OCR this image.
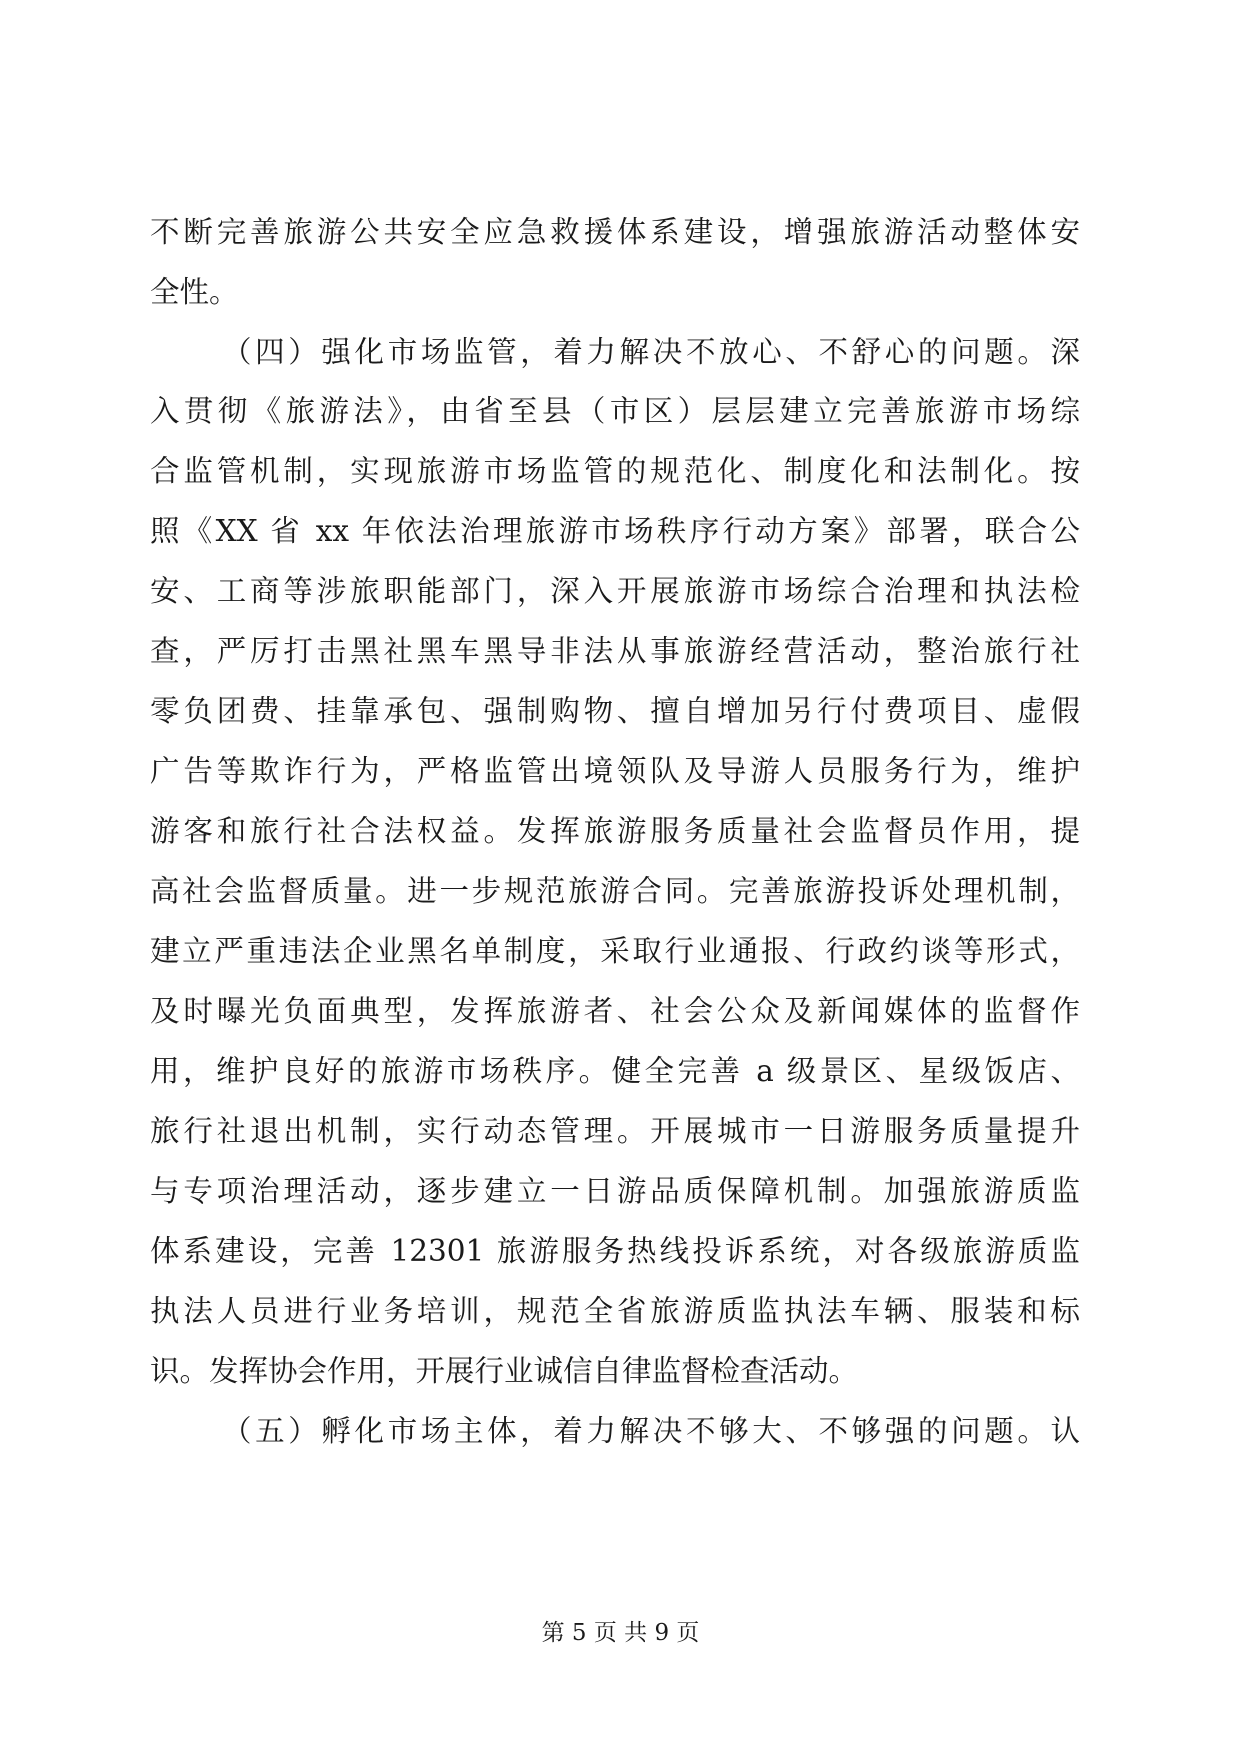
不断完善旅游公共安全应急救援体系建设，增强旅游活动整体安
全性。
（四）强化市场监管，着力解决不放心、不舒心的问题。深
入贯彻《旅游法》，由省至县（市区）层层建立完善旅游市场综
合监管机制，实现旅游市场监管的规范化、制度化和法制化。按
照《XX 省 xx 年依法治理旅游市场秩序行动方案》部署，联合公
安、工商等涉旅职能部门，深入开展旅游市场综合治理和执法检
查，严厉打击黑社黑车黑导非法从事旅游经营活动，整治旅行社
零负团费、挂靠承包、强制购物、擅自增加另行付费项目、虚假
广告等欺诈行为，严格监管出境领队及导游人员服务行为，维护
游客和旅行社合法权益。发挥旅游服务质量社会监督员作用，提
高社会监督质量。进一步规范旅游合同。完善旅游投诉处理机制，
建立严重违法企业黑名单制度，采取行业通报、行政约谈等形式，
及时曝光负面典型，发挥旅游者、社会公众及新闻媒体的监督作
用，维护良好的旅游市场秩序。健全完善 a 级景区、星级饭店、
旅行社退出机制，实行动态管理。开展城市一日游服务质量提升
与专项治理活动，逐步建立一日游品质保障机制。加强旅游质监
体系建设，完善 12301 旅游服务热线投诉系统，对各级旅游质监
执法人员进行业务培训，规范全省旅游质监执法车辆、服装和标
识。发挥协会作用，开展行业诚信自律监督检查活动。
（五）孵化市场主体，着力解决不够大、不够强的问题。认
第 5 页 共 9 页
